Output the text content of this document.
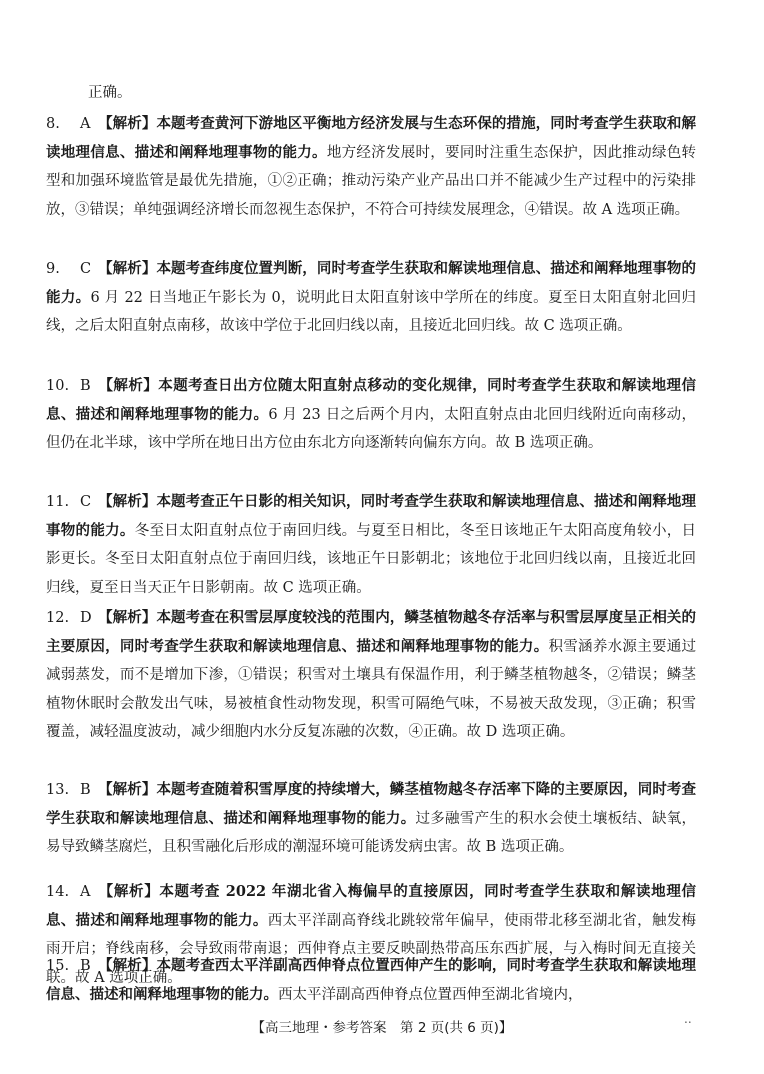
正确。
8. A 【解析】本题考查黄河下游地区平衡地方经济发展与生态环保的措施，同时考查学生获取和解读地理信息、描述和阐释地理事物的能力。地方经济发展时，要同时注重生态保护，因此推动绿色转型和加强环境监管是最优先措施，①②正确；推动污染产业产品出口并不能减少生产过程中的污染排放，③错误；单纯强调经济增长而忽视生态保护，不符合可持续发展理念，④错误。故 A 选项正确。
9. C 【解析】本题考查纬度位置判断，同时考查学生获取和解读地理信息、描述和阐释地理事物的能力。6 月 22 日当地正午影长为 0，说明此日太阳直射该中学所在的纬度。夏至日太阳直射北回归线，之后太阳直射点南移，故该中学位于北回归线以南，且接近北回归线。故 C 选项正确。
10. B 【解析】本题考查日出方位随太阳直射点移动的变化规律，同时考查学生获取和解读地理信息、描述和阐释地理事物的能力。6 月 23 日之后两个月内，太阳直射点由北回归线附近向南移动，但仍在北半球，该中学所在地日出方位由东北方向逐渐转向偏东方向。故 B 选项正确。
11. C 【解析】本题考查正午日影的相关知识，同时考查学生获取和解读地理信息、描述和阐释地理事物的能力。冬至日太阳直射点位于南回归线。与夏至日相比，冬至日该地正午太阳高度角较小，日影更长。冬至日太阳直射点位于南回归线，该地正午日影朝北；该地位于北回归线以南，且接近北回归线，夏至日当天正午日影朝南。故 C 选项正确。
12. D 【解析】本题考查在积雪层厚度较浅的范围内，鳞茎植物越冬存活率与积雪层厚度呈正相关的主要原因，同时考查学生获取和解读地理信息、描述和阐释地理事物的能力。积雪涵养水源主要通过减弱蒸发，而不是增加下渗，①错误；积雪对土壤具有保温作用，利于鳞茎植物越冬，②错误；鳞茎植物休眠时会散发出气味，易被植食性动物发现，积雪可隔绝气味，不易被天敌发现，③正确；积雪覆盖，减轻温度波动，减少细胞内水分反复冻融的次数，④正确。故 D 选项正确。
13. B 【解析】本题考查随着积雪厚度的持续增大，鳞茎植物越冬存活率下降的主要原因，同时考查学生获取和解读地理信息、描述和阐释地理事物的能力。过多融雪产生的积水会使土壤板结、缺氧，易导致鳞茎腐烂，且积雪融化后形成的潮湿环境可能诱发病虫害。故 B 选项正确。
14. A 【解析】本题考查 2022 年湖北省入梅偏早的直接原因，同时考查学生获取和解读地理信息、描述和阐释地理事物的能力。西太平洋副高脊线北跳较常年偏早，使雨带北移至湖北省，触发梅雨开启；脊线南移，会导致雨带南退；西伸脊点主要反映副热带高压东西扩展，与入梅时间无直接关联。故 A 选项正确。
15. B 【解析】本题考查西太平洋副高西伸脊点位置西伸产生的影响，同时考查学生获取和解读地理信息、描述和阐释地理事物的能力。西太平洋副高西伸脊点位置西伸至湖北省境内，
【高三地理・参考答案　第 2 页(共 6 页)】
..
